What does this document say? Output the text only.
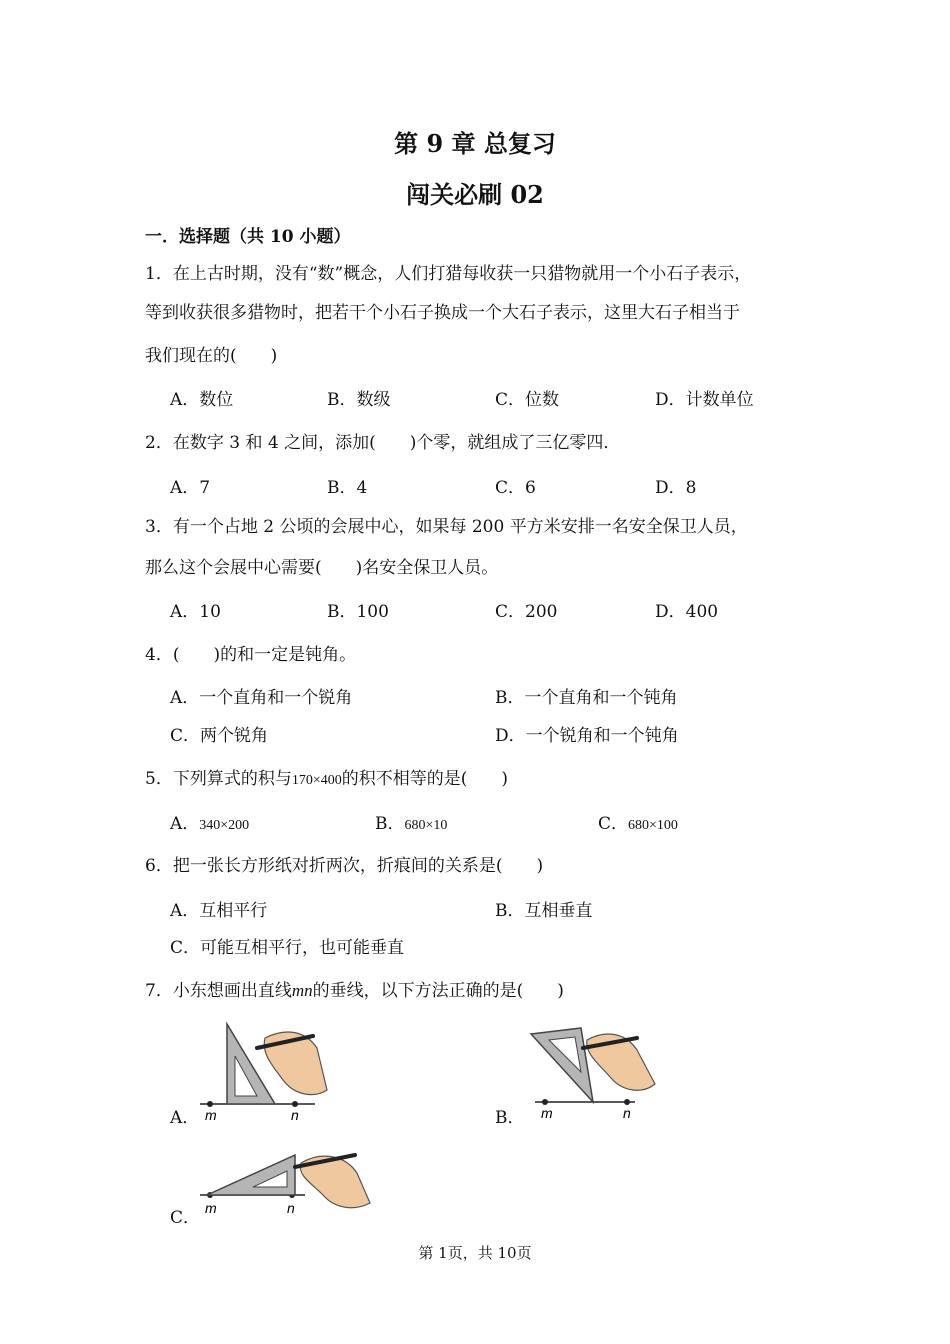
第 9 章 总复习
闯关必刷 02
一．选择题（共 10 小题）
1．在上古时期，没有“数”概念，人们打猎每收获一只猎物就用一个小石子表示，
等到收获很多猎物时，把若干个小石子换成一个大石子表示，这里大石子相当于
我们现在的(　　)
A．数位	B．数级	C．位数	D．计数单位
2．在数字 3 和 4 之间，添加(　　)个零，就组成了三亿零四．
A．7	B．4	C．6	D．8
3．有一个占地 2 公顷的会展中心，如果每 200 平方米安排一名安全保卫人员，
那么这个会展中心需要(　　)名安全保卫人员。
A．10	B．100	C．200	D．400
4．(　　)的和一定是钝角。
A．一个直角和一个锐角	B．一个直角和一个钝角
C．两个锐角	D．一个锐角和一个钝角
5．下列算式的积与170×400的积不相等的是(　　)
A．340×200	B．680×10	C．680×100
6．把一张长方形纸对折两次，折痕间的关系是(　　)
A．互相平行	B．互相垂直
C．可能互相平行，也可能垂直
7．小东想画出直线mn的垂线，以下方法正确的是(　　)
A．	B．
C．
m	n	m	n
m	n
第 1页，共 10页
